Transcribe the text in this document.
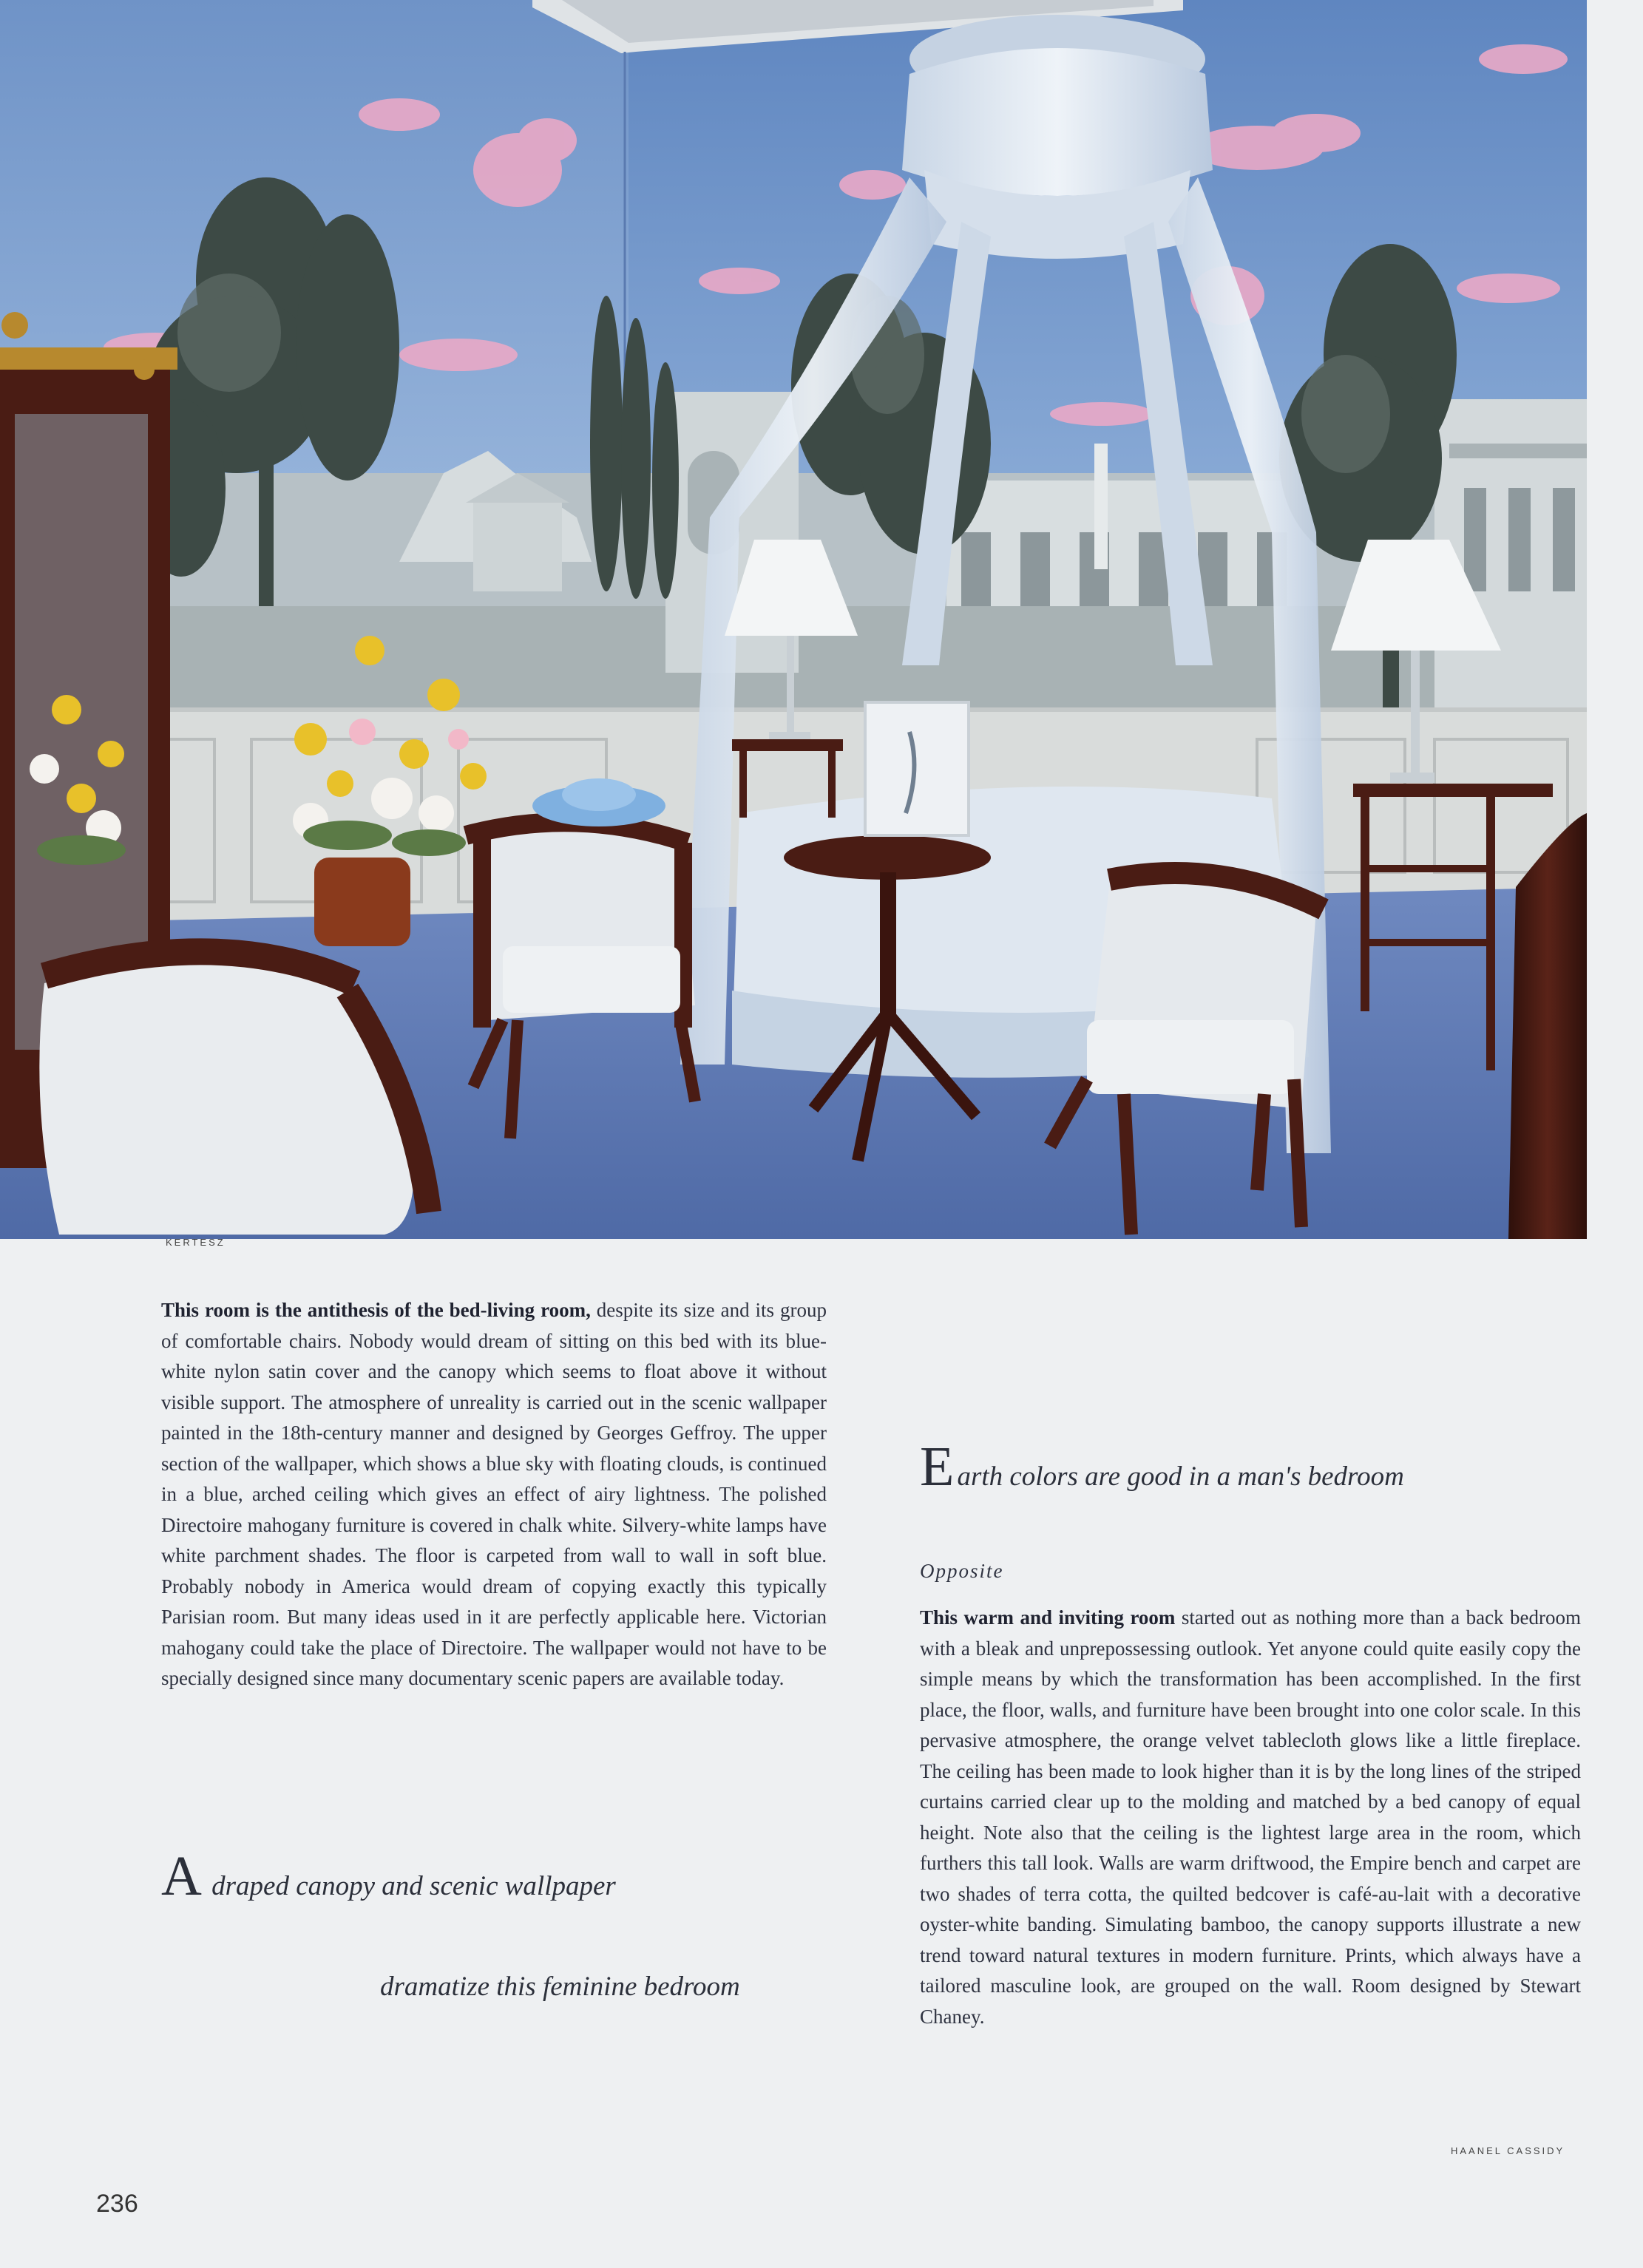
KERTESZ

This room is the antithesis of the bed-living room, despite its size and its group of comfortable chairs. Nobody would dream of sitting on this bed with its blue-white nylon satin cover and the canopy which seems to float above it without visible support. The atmosphere of unreality is carried out in the scenic wallpaper painted in the 18th-century manner and designed by Georges Geffroy. The upper section of the wallpaper, which shows a blue sky with floating clouds, is continued in a blue, arched ceiling which gives an effect of airy lightness. The polished Directoire mahogany furniture is covered in chalk white. Silvery-white lamps have white parchment shades. The floor is carpeted from wall to wall in soft blue. Probably nobody in America would dream of copying exactly this typically Parisian room. But many ideas used in it are perfectly applicable here. Victorian mahogany could take the place of Directoire. The wallpaper would not have to be specially designed since many documentary scenic papers are available today.

A draped canopy and scenic wallpaper
dramatize this feminine bedroom
Earth colors are good in a man's bedroom

Opposite

This warm and inviting room started out as nothing more than a back bedroom with a bleak and unprepossessing outlook. Yet anyone could quite easily copy the simple means by which the transformation has been accomplished. In the first place, the floor, walls, and furniture have been brought into one color scale. In this pervasive atmosphere, the orange velvet tablecloth glows like a little fireplace. The ceiling has been made to look higher than it is by the long lines of the striped curtains carried clear up to the molding and matched by a bed canopy of equal height. Note also that the ceiling is the lightest large area in the room, which furthers this tall look. Walls are warm driftwood, the Empire bench and carpet are two shades of terra cotta, the quilted bedcover is café-au-lait with a decorative oyster-white banding. Simulating bamboo, the canopy supports illustrate a new trend toward natural textures in modern furniture. Prints, which always have a tailored masculine look, are grouped on the wall. Room designed by Stewart Chaney.

HAANEL CASSIDY
236
